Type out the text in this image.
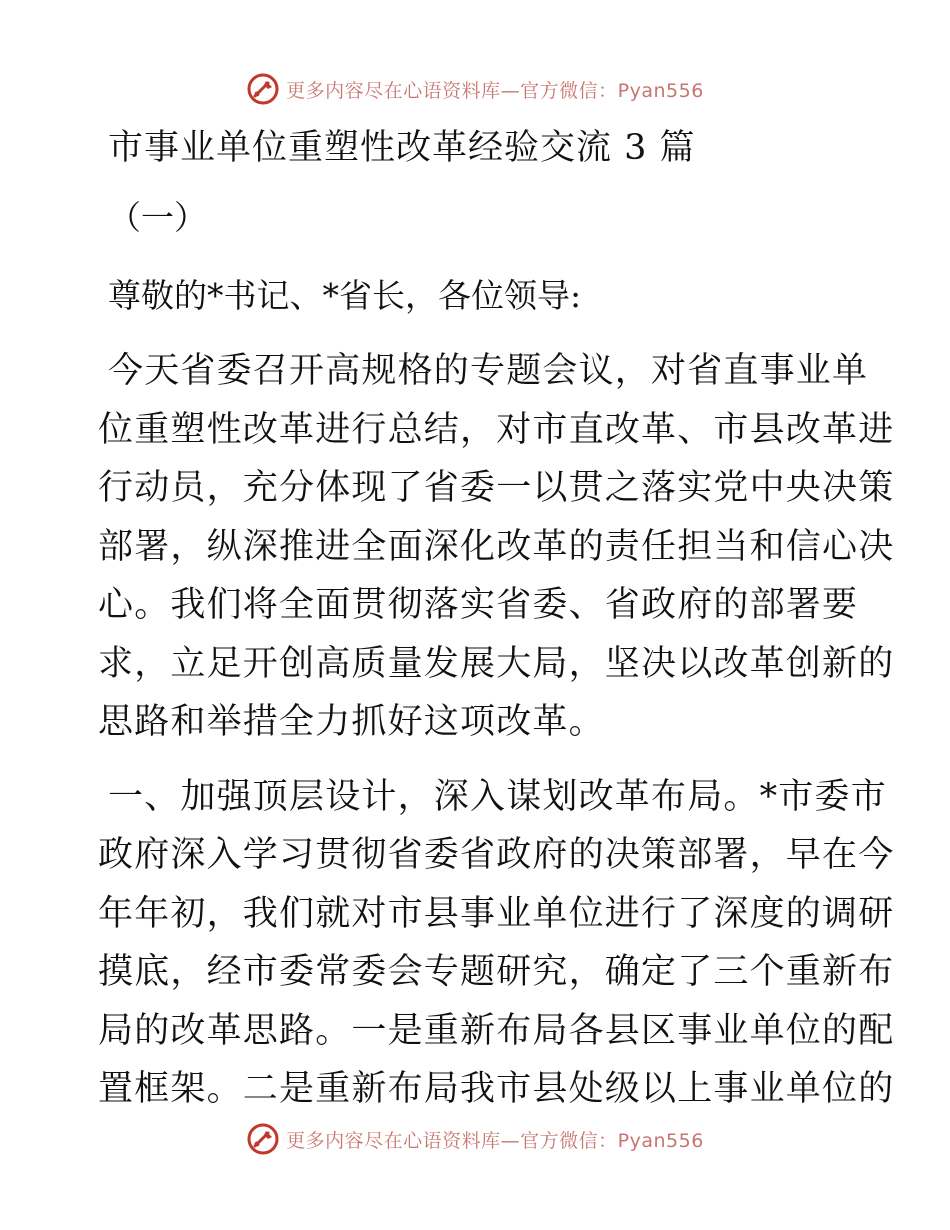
更多内容尽在心语资料库—官方微信：Pyan556
市事业单位重塑性改革经验交流 3 篇
（一）
尊敬的*书记、*省长，各位领导:

今天省委召开高规格的专题会议，对省直事业单
位重塑性改革进行总结，对市直改革、市县改革进
行动员，充分体现了省委一以贯之落实党中央决策
部署，纵深推进全面深化改革的责任担当和信心决
心。我们将全面贯彻落实省委、省政府的部署要
求，立足开创高质量发展大局，坚决以改革创新的
思路和举措全力抓好这项改革。

一、加强顶层设计，深入谋划改革布局。*市委市
政府深入学习贯彻省委省政府的决策部署，早在今
年年初，我们就对市县事业单位进行了深度的调研
摸底，经市委常委会专题研究，确定了三个重新布
局的改革思路。一是重新布局各县区事业单位的配
置框架。二是重新布局我市县处级以上事业单位的

更多内容尽在心语资料库—官方微信：Pyan556
